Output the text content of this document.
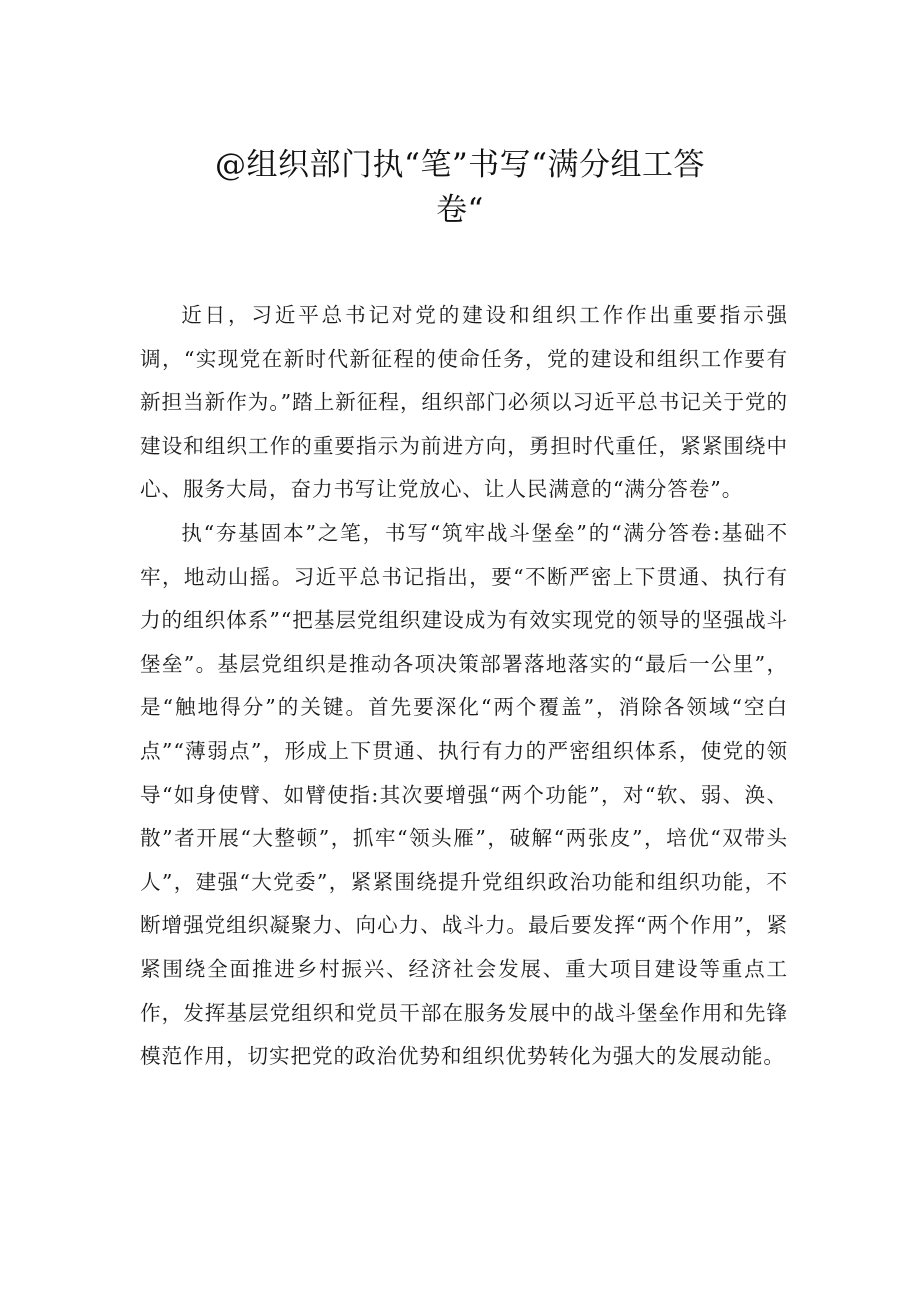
@组织部门执“笔”书写“满分组工答
卷“

近日，习近平总书记对党的建设和组织工作作出重要指示强调，“实现党在新时代新征程的使命任务，党的建设和组织工作要有新担当新作为。”踏上新征程，组织部门必须以习近平总书记关于党的建设和组织工作的重要指示为前进方向，勇担时代重任，紧紧围绕中心、服务大局，奋力书写让党放心、让人民满意的“满分答卷”。

执“夯基固本”之笔，书写“筑牢战斗堡垒”的“满分答卷:基础不牢，地动山摇。习近平总书记指出，要“不断严密上下贯通、执行有力的组织体系”“把基层党组织建设成为有效实现党的领导的坚强战斗堡垒”。基层党组织是推动各项决策部署落地落实的“最后一公里”，是“触地得分”的关键。首先要深化“两个覆盖”，消除各领域“空白点”“薄弱点”，形成上下贯通、执行有力的严密组织体系，使党的领导“如身使臂、如臂使指:其次要增强“两个功能”，对“软、弱、涣、散”者开展“大整顿”，抓牢“领头雁”，破解“两张皮”，培优“双带头人”，建强“大党委”，紧紧围绕提升党组织政治功能和组织功能，不断增强党组织凝聚力、向心力、战斗力。最后要发挥“两个作用”，紧紧围绕全面推进乡村振兴、经济社会发展、重大项目建设等重点工作，发挥基层党组织和党员干部在服务发展中的战斗堡垒作用和先锋模范作用，切实把党的政治优势和组织优势转化为强大的发展动能。
